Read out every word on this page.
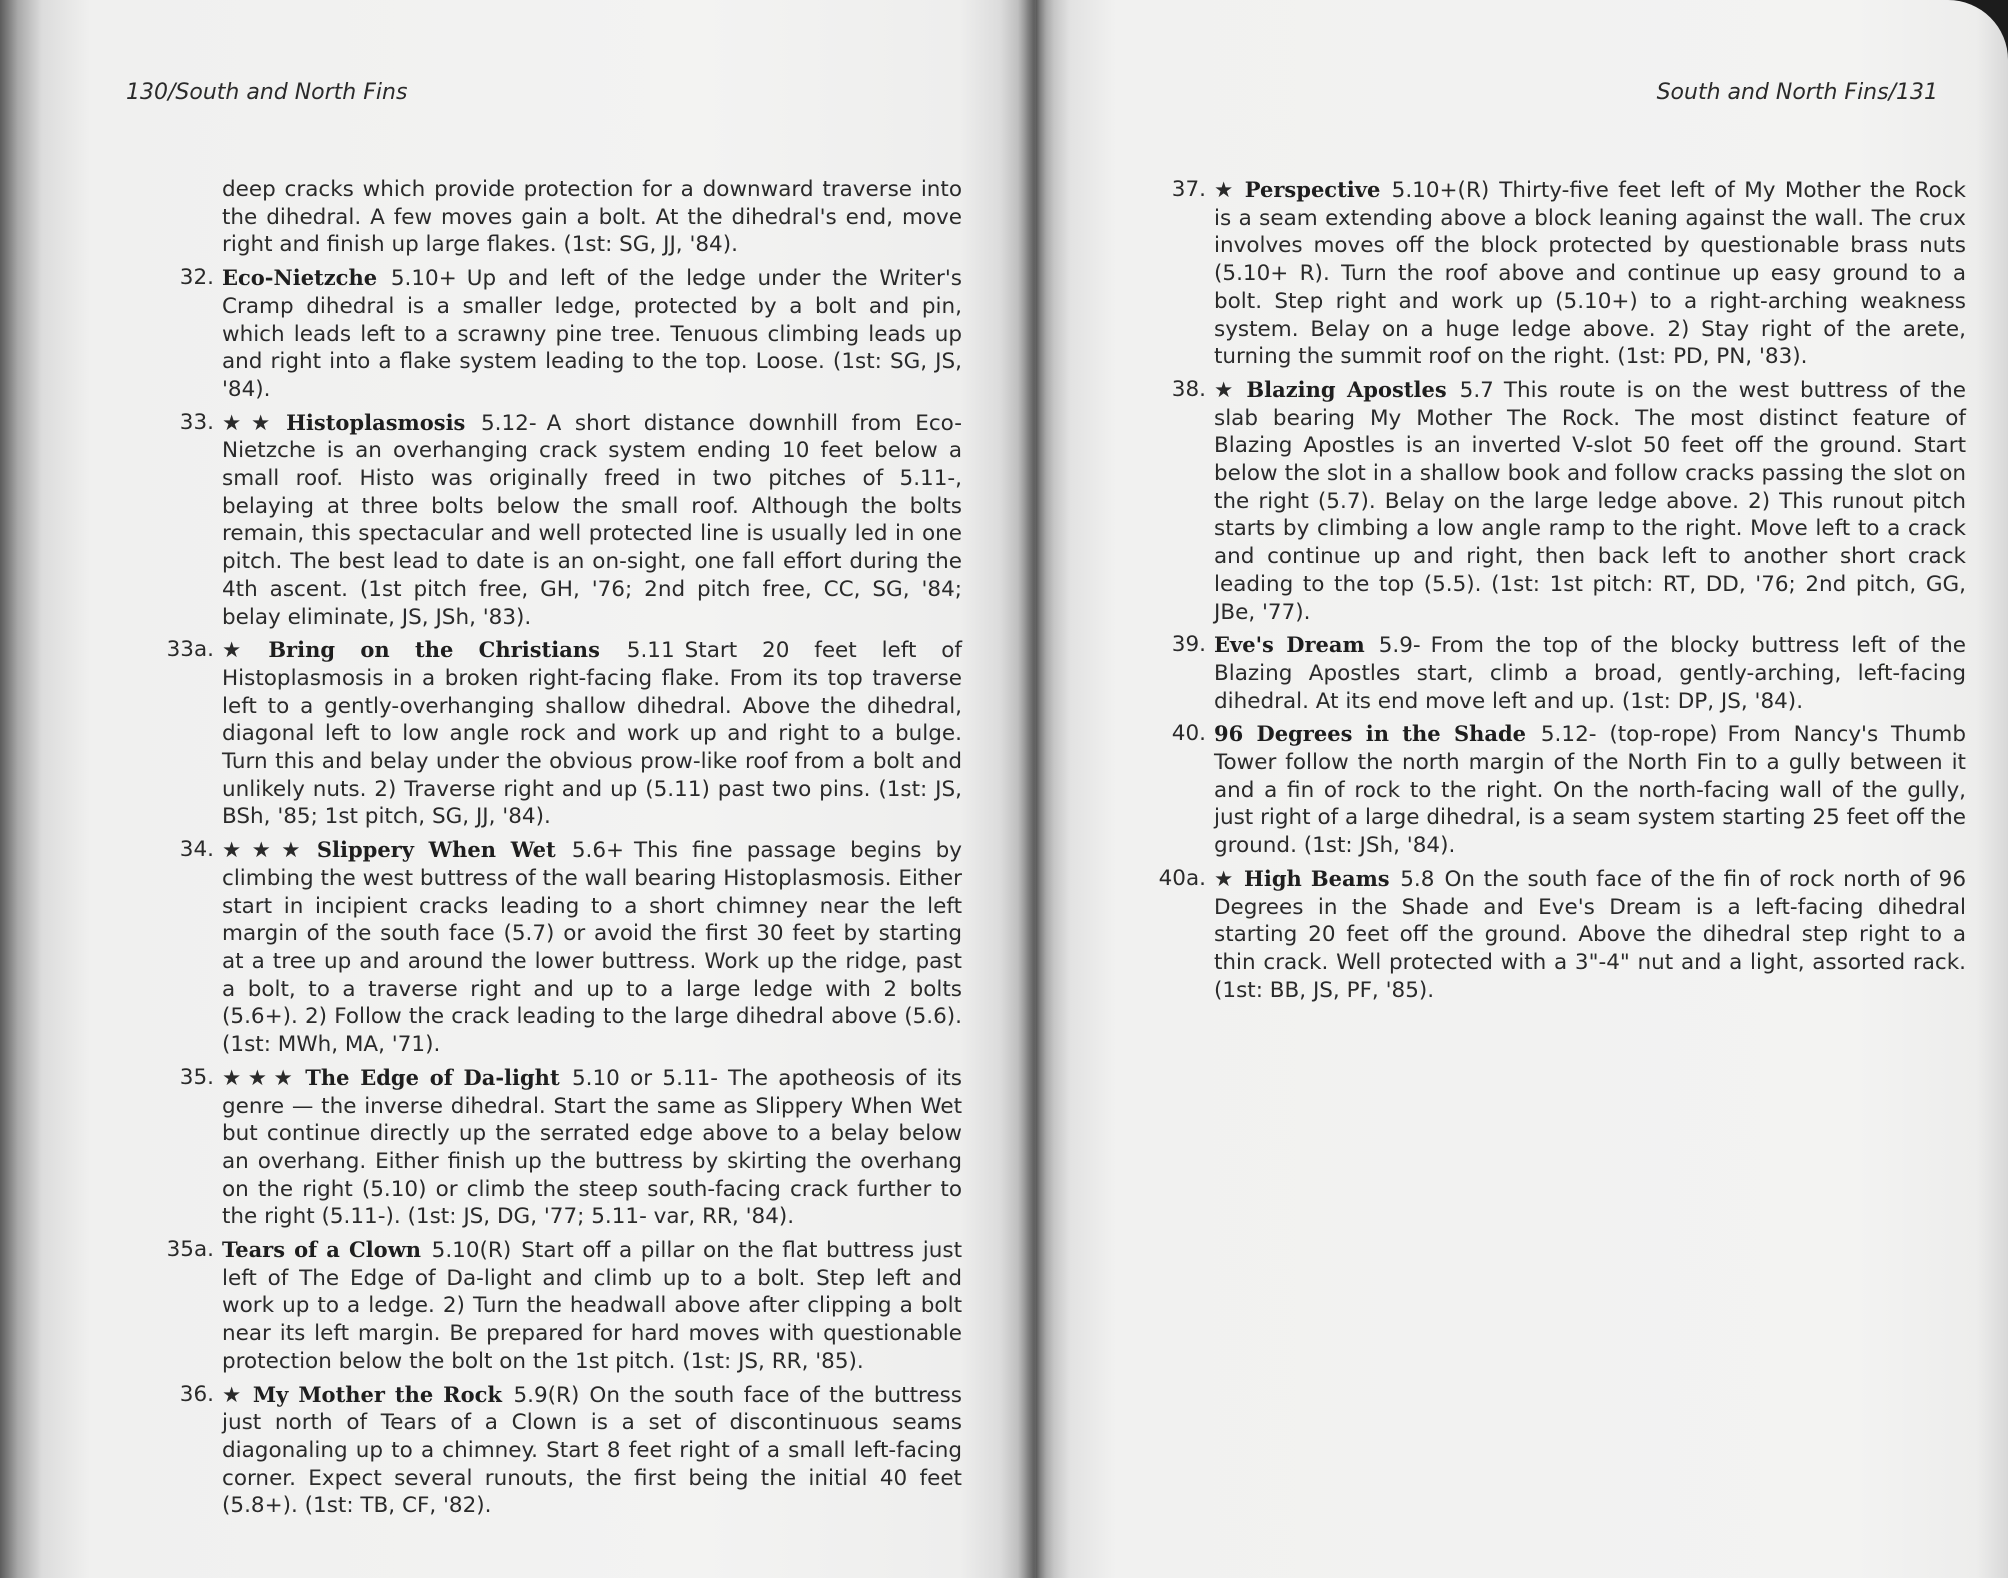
130/South and North Fins
deep cracks which provide protection for a downward traverse into the dihedral. A few moves gain a bolt. At the dihedral's end, move right and finish up large flakes. (1st: SG, JJ, '84).
32. Eco-Nietzche 5.10+ Up and left of the ledge under the Writer's Cramp dihedral is a smaller ledge, protected by a bolt and pin, which leads left to a scrawny pine tree. Tenuous climbing leads up and right into a flake system leading to the top. Loose. (1st: SG, JS, '84).
33. ★★ Histoplasmosis 5.12- A short distance downhill from Eco-Nietzche is an overhanging crack system ending 10 feet below a small roof. Histo was originally freed in two pitches of 5.11-, belaying at three bolts below the small roof. Although the bolts remain, this spectacular and well protected line is usually led in one pitch. The best lead to date is an on-sight, one fall effort during the 4th ascent. (1st pitch free, GH, '76; 2nd pitch free, CC, SG, '84; belay eliminate, JS, JSh, '83).
33a. ★ Bring on the Christians 5.11 Start 20 feet left of Histoplasmosis in a broken right-facing flake. From its top traverse left to a gently-overhanging shallow dihedral. Above the dihedral, diagonal left to low angle rock and work up and right to a bulge. Turn this and belay under the obvious prow-like roof from a bolt and unlikely nuts. 2) Traverse right and up (5.11) past two pins. (1st: JS, BSh, '85; 1st pitch, SG, JJ, '84).
34. ★★★ Slippery When Wet 5.6+ This fine passage begins by climbing the west buttress of the wall bearing Histoplasmosis. Either start in incipient cracks leading to a short chimney near the left margin of the south face (5.7) or avoid the first 30 feet by starting at a tree up and around the lower buttress. Work up the ridge, past a bolt, to a traverse right and up to a large ledge with 2 bolts (5.6+). 2) Follow the crack leading to the large dihedral above (5.6). (1st: MWh, MA, '71).
35. ★★★ The Edge of Da-light 5.10 or 5.11- The apotheosis of its genre — the inverse dihedral. Start the same as Slippery When Wet but continue directly up the serrated edge above to a belay below an overhang. Either finish up the buttress by skirting the overhang on the right (5.10) or climb the steep south-facing crack further to the right (5.11-). (1st: JS, DG, '77; 5.11- var, RR, '84).
35a. Tears of a Clown 5.10(R) Start off a pillar on the flat buttress just left of The Edge of Da-light and climb up to a bolt. Step left and work up to a ledge. 2) Turn the headwall above after clipping a bolt near its left margin. Be prepared for hard moves with questionable protection below the bolt on the 1st pitch. (1st: JS, RR, '85).
36. ★ My Mother the Rock 5.9(R) On the south face of the buttress just north of Tears of a Clown is a set of discontinuous seams diagonaling up to a chimney. Start 8 feet right of a small left-facing corner. Expect several runouts, the first being the initial 40 feet (5.8+). (1st: TB, CF, '82).
South and North Fins/131
37. ★ Perspective 5.10+(R) Thirty-five feet left of My Mother the Rock is a seam extending above a block leaning against the wall. The crux involves moves off the block protected by questionable brass nuts (5.10+ R). Turn the roof above and continue up easy ground to a bolt. Step right and work up (5.10+) to a right-arching weakness system. Belay on a huge ledge above. 2) Stay right of the arete, turning the summit roof on the right. (1st: PD, PN, '83).
38. ★ Blazing Apostles 5.7 This route is on the west buttress of the slab bearing My Mother The Rock. The most distinct feature of Blazing Apostles is an inverted V-slot 50 feet off the ground. Start below the slot in a shallow book and follow cracks passing the slot on the right (5.7). Belay on the large ledge above. 2) This runout pitch starts by climbing a low angle ramp to the right. Move left to a crack and continue up and right, then back left to another short crack leading to the top (5.5). (1st: 1st pitch: RT, DD, '76; 2nd pitch, GG, JBe, '77).
39. Eve's Dream 5.9- From the top of the blocky buttress left of the Blazing Apostles start, climb a broad, gently-arching, left-facing dihedral. At its end move left and up. (1st: DP, JS, '84).
40. 96 Degrees in the Shade 5.12- (top-rope) From Nancy's Thumb Tower follow the north margin of the North Fin to a gully between it and a fin of rock to the right. On the north-facing wall of the gully, just right of a large dihedral, is a seam system starting 25 feet off the ground. (1st: JSh, '84).
40a. ★ High Beams 5.8 On the south face of the fin of rock north of 96 Degrees in the Shade and Eve's Dream is a left-facing dihedral starting 20 feet off the ground. Above the dihedral step right to a thin crack. Well protected with a 3"-4" nut and a light, assorted rack. (1st: BB, JS, PF, '85).
